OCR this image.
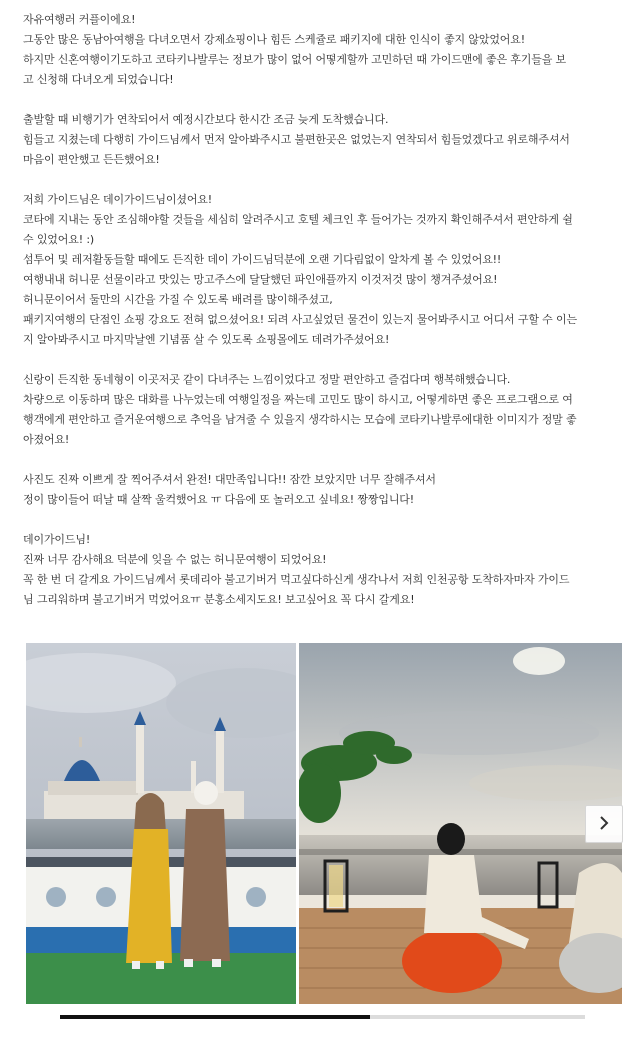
자유여행러 커플이에요!
그동안 많은 동남아여행을 다녀오면서 강제쇼핑이나 힘든 스케쥴로 패키지에 대한 인식이 좋지 않았었어요!
하지만 신혼여행이기도하고 코타키나발루는 정보가 많이 없어 어떻게할까 고민하던 때 가이드맨에 좋은 후기들을 보
고 신청해 다녀오게 되었습니다!
출발할 때 비행기가 연착되어서 예정시간보다 한시간 조금 늦게 도착했습니다.
힘들고 지쳤는데 다행히 가이드님께서 먼저 알아봐주시고 불편한곳은 없었는지 연착되서 힘들었겠다고 위로해주셔서
마음이 편안했고 든든했어요!
저희 가이드님은 데이가이드님이셨어요!
코타에 지내는 동안 조심해야할 것들을 세심히 알려주시고 호텔 체크인 후 들어가는 것까지 확인해주셔서 편안하게 쉴
수 있었어요! :)
섬투어 및 레저활동들할 때에도 든직한 데이 가이드님덕분에 오랜 기다림없이 알차게 볼 수 있었어요!!
여행내내 허니문 선물이라고 맛있는 망고주스에 달달했던 파인애플까지 이것저것 많이 챙겨주셨어요!
허니문이어서 둘만의 시간을 가질 수 있도록 배려를 많이해주셨고,
패키지여행의 단점인 쇼핑 강요도 전혀 없으셨어요! 되려 사고싶었던 물건이 있는지 물어봐주시고 어디서 구할 수 이는
지 알아봐주시고 마지막날엔 기념품 살 수 있도록 쇼핑몰에도 데려가주셨어요!
신랑이 든직한 동네형이 이곳저곳 같이 다녀주는 느낌이었다고 정말 편안하고 즐겁다며 행복해했습니다.
차량으로 이동하며 많은 대화를 나누었는데 여행일정을 짜는데 고민도 많이 하시고, 어떻게하면 좋은 프로그램으로 여
행객에게 편안하고 즐거운여행으로 추억을 남겨줄 수 있을지 생각하시는 모습에 코타키나발루에대한 이미지가 정말 좋
아졌어요!
사진도 진짜 이쁘게 잘 찍어주셔서 완전! 대만족입니다!! 잠깐 보았지만 너무 잘해주셔서
정이 많이들어 떠날 때 살짝 울컥했어요 ㅠ 다음에 또 놀러오고 싶네요! 짱짱입니다!
데이가이드님!
진짜 너무 감사해요 덕분에 잊을 수 없는 허니문여행이 되었어요!
꼭 한 번 더 갈게요 가이드님께서 롯데리아 불고기버거 먹고싶다하신게 생각나서 저희 인천공항 도착하자마자 가이드
님 그리워하며 불고기버거 먹었어요ㅠ 분홍소세지도요! 보고싶어요 꼭 다시 갈게요!
